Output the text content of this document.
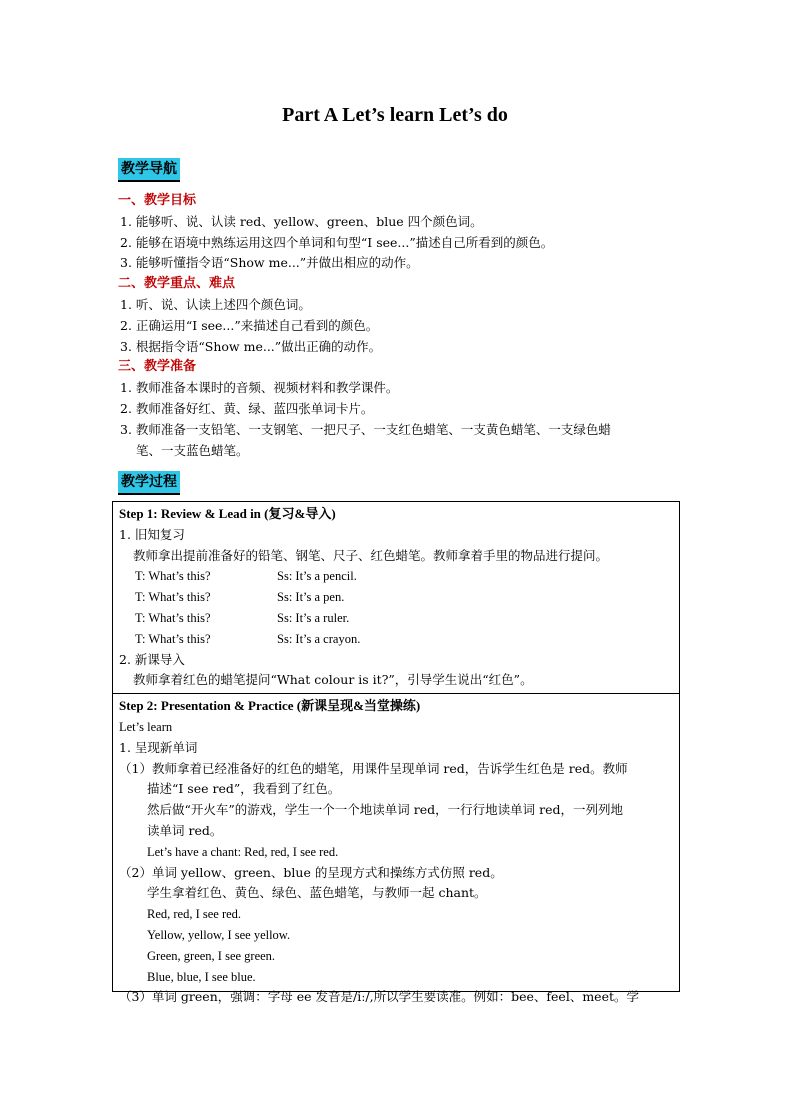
Part A Let’s learn Let’s do
教学导航
一、教学目标
1. 能够听、说、认读 red、yellow、green、blue 四个颜色词。
2. 能够在语境中熟练运用这四个单词和句型“I see...”描述自己所看到的颜色。
3. 能够听懂指令语“Show me...”并做出相应的动作。
二、教学重点、难点
1. 听、说、认读上述四个颜色词。
2. 正确运用“I see...”来描述自己看到的颜色。
3. 根据指令语“Show me...”做出正确的动作。
三、教学准备
1. 教师准备本课时的音频、视频材料和教学课件。
2. 教师准备好红、黄、绿、蓝四张单词卡片。
3. 教师准备一支铅笔、一支钢笔、一把尺子、一支红色蜡笔、一支黄色蜡笔、一支绿色蜡
笔、一支蓝色蜡笔。
教学过程
Step 1: Review & Lead in (复习&导入)
1. 旧知复习
教师拿出提前准备好的铅笔、钢笔、尺子、红色蜡笔。教师拿着手里的物品进行提问。
T: What’s this?	Ss: It’s a pencil.
T: What’s this?	Ss: It’s a pen.
T: What’s this?	Ss: It’s a ruler.
T: What’s this?	Ss: It’s a crayon.
2. 新课导入
教师拿着红色的蜡笔提问“What colour is it?”，引导学生说出“红色”。
Step 2: Presentation & Practice (新课呈现&当堂操练)
Let’s learn
1. 呈现新单词
（1）教师拿着已经准备好的红色的蜡笔，用课件呈现单词 red，告诉学生红色是 red。教师
描述“I see red”，我看到了红色。
然后做“开火车”的游戏，学生一个一个地读单词 red，一行行地读单词 red，一列列地
读单词 red。
Let’s have a chant: Red, red, I see red.
（2）单词 yellow、green、blue 的呈现方式和操练方式仿照 red。
学生拿着红色、黄色、绿色、蓝色蜡笔，与教师一起 chant。
Red, red, I see red.
Yellow, yellow, I see yellow.
Green, green, I see green.
Blue, blue, I see blue.
（3）单词 green，强调：字母 ee 发音是/iː/,所以学生要读准。例如：bee、feel、meet。学
